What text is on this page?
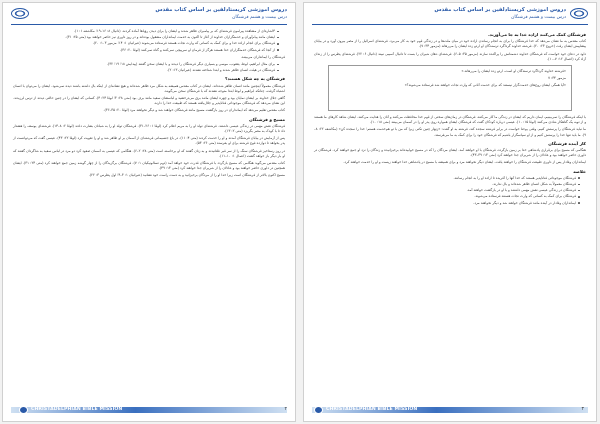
دروس آموزشی کریستادلفین بر اساس کتاب مقدس
درس بیست و هشتم فرشتگان
۴اشاره‌ای از مشاهده پیرامون فرشته‌ای که بر پیامبران ظاهر شدند و ایشان را برای دیدن رؤیاها آماده کردند. (دانیال ۸: ۱۶–۱۹؛ مکاشفه ۱: ۱).
ایشان مانند پیام‌آوران و خدمتگزاران خداوند از آغاز تا اکنون به خدمت ایمانداران مشغول بوده‌اند و در روز داوری نیز حاضر خواهند بود (متی ۲۵: ۳۱).
فرشتگان برای انجام اراده خدا و برای کمک به کسانی که وارث نجات هستند فرستاده می‌شوند (عبرانیان ۱: ۱۴؛ مزمور ۱۰۳: ۲۰).
از آنجا که فرشتگان خدمتگزاران خدا هستند هرگز از فرمان او سرپیچی نمی‌کنند و گناه نمی‌کنند (لوقا ۲۰: ۳۶).

فرشتگان را ایمانداران می‌بینند.

برای مثال ابراهیم، لوط، یعقوب، موسی و بسیاری دیگر فرشتگان را دیدند و با ایشان سخن گفتند (پیدایش ۱۸؛ ۱۹؛ ۳۲).
فرشتگان در هیئت انسان ظاهر شدند و ابتدا شناخته نشدند (عبرانیان ۱۳: ۲).
فرشتگان به چه شکل هستند؟

فرشتگان معمولاً اینچنین مانند انسان ظاهر شده‌اند. ایشان در کتاب مقدس همیشه به شکل مرد ظاهر شده‌اند و هیچ نشانه‌ای از اینکه بال داشته باشند دیده نمی‌شود. ایشان را می‌توان با انسان اشتباه گرفت، چنانکه ابراهیم و لوط ابتدا متوجه نشدند که با فرشتگان سخن می‌گویند.

گاهی جلال خداوند بر ایشان نمایان بود و چهره ایشان مانند برق می‌درخشید و لباسشان سفید مانند برف بود (متی ۲۸: ۳؛ لوقا ۲۴: ۴). کسانی که ایشان را در چنین حالتی دیدند از ترس لرزیدند. این نشان می‌دهد که فرشتگان موجوداتی فناناپذیر و جلال‌یافته هستند که طبیعت خدا را دارند.

کتاب مقدس تعلیم می‌دهد که ایمانداران در روز بازگشت مسیح مانند فرشتگان خواهند شد و دیگر نخواهند مرد (لوقا ۲۰: ۳۵–۳۶).

مسیح و فرشتگان

فرشتگان نقش مهمی در زندگی عیسی داشتند. فرشته‌ای تولد او را به مریم اعلام کرد (لوقا ۱: ۲۶–۳۱). فرشتگان تولد او را به شبانان بشارت دادند (لوقا ۲: ۸–۱۴). فرشته‌ای یوسف را هشدار داد تا با کودک به مصر بگریزد (متی ۲: ۱۳).

پس از آزمایش در بیابان فرشتگان آمدند و او را خدمت کردند (متی ۴: ۱۱). در باغ جتسیمانی فرشته‌ای از آسمان بر او ظاهر شد و او را تقویت کرد (لوقا ۲۲: ۴۳). عیسی گفت که می‌توانست از پدر بخواهد تا دوازده فوج فرشته برای او بفرستد (متی ۲۶: ۵۳).

در روز رستاخیز فرشتگان سنگ را از سر قبر غلتانیدند و به زنان گفتند که او برخاسته است (متی ۲۸: ۲–۶). هنگامی که عیسی به آسمان صعود کرد دو مرد در لباس سفید به شاگردان گفتند که او بار دیگر باز خواهد گشت (اعمال ۱: ۱۰–۱۱).

کتاب مقدس می‌گوید هنگامی که مسیح بازگردد با فرشتگان قدرت خود خواهد آمد (دوم تسالونیکیان ۱: ۷). فرشتگان برگزیدگان را از چهار گوشه زمین جمع خواهند کرد (متی ۲۴: ۳۱). ایشان همچنین در داوری حاضر خواهند بود و عادلان را از شریران جدا خواهند کرد (متی ۱۳: ۴۹).

مسیح اکنون بالاتر از فرشتگان است زیرا خدا او را از مردگان برخیزانید و به دست راست خود نشانید (عبرانیان ۱: ۳–۴؛ اول پطرس ۳: ۲۲).

CHRISTADELPHIAN BIBLE MISSION	۲
دروس آموزشی کریستادلفین بر اساس کتاب مقدس
درس بیست و هشتم فرشتگان
فرشتگان کمک می‌کنند اراده خدا به جا می‌آورند.

کتاب مقدس به ما نشان می‌دهد که خدا فرشتگان را برای به انجام رساندن اراده خود در میان ملت‌ها و در زندگی قوم خود به کار می‌برد. فرشته‌ای اسرائیل را از مصر بیرون آورد و در بیابان پیشاپیش ایشان رفت (خروج ۲۳: ۲۰). فرشته خداوند گرداگرد ترسندگان او اردو زده ایشان را می‌رهاند (مزمور ۳۴: ۷).

داود در دعای خود خواست که فرشتگان خداوند دشمنانش را پراکنده سازند (مزمور ۳۵: ۵–۶). فرشته‌ای دهان شیران را بست تا دانیال آسیبی نبیند (دانیال ۶: ۲۲). فرشته‌ای پطرس را از زندان آزاد کرد (اعمال ۱۲: ۷–۱۰).

«فرشته خداوند گرداگرد ترسندگان او است، اردو زده ایشان را می‌رهاند.»

مزمور ۳۴: ۷

«آیا همگی ایشان روح‌های خدمت‌گزار نیستند که برای خدمت آنانی که وارث نجات خواهند شد فرستاده می‌شوند؟»

با اینکه فرشتگان را نمی‌بینیم، ایمان داریم که ایشان در زندگی ما کار می‌کنند. فرشتگان در زمان‌های سختی از قوم خدا محافظت می‌کنند و آنان را هدایت می‌کنند. ایشان شاهد کارهای ما هستند و از توبه یک گناهکار شادی می‌کنند (لوقا ۱۵: ۱۰). عیسی درباره کودکان گفت که فرشتگان ایشان همواره روی پدر او را در آسمان می‌بینند (متی ۱۸: ۱۰).

ما نباید فرشتگان را پرستش کنیم. وقتی یوحنا خواست در برابر فرشته سجده کند، فرشته به او گفت: «زنهار چنین نکنی زیرا که من با تو هم‌خدمت هستم؛ خدا را سجده کن» (مکاشفه ۲۲: ۸–۹). ما باید تنها خدا را پرستش کنیم و از او سپاسگزار باشیم که فرشتگان خود را برای کمک به ما می‌فرستد.

کار آینده فرشتگان

هنگامی که مسیح برای برقراری پادشاهی خدا بر زمین بازگردد، فرشتگان با او خواهند آمد. ایشان مردگان را که در مسیح خوابیده‌اند برخیزانیده و زندگان را نزد او جمع خواهند کرد. فرشتگان در داوری حاضر خواهند بود و عادلان را از شریران جدا خواهند کرد (متی ۱۳: ۳۹–۴۳).

ایمانداران وفادار پس از داوری طبیعت فرشتگان را خواهند یافت. ایشان دیگر نخواهند مرد و برای همیشه با مسیح در پادشاهی خدا خواهند زیست و او را خدمت خواهند کرد.

خلاصه
فرشتگان موجوداتی فناناپذیر هستند که خدا آنها را آفریده تا اراده او را به انجام رسانند.
فرشتگان معمولاً به شکل انسان ظاهر شده‌اند و بال ندارند.
فرشتگان در زندگی عیسی نقش مهمی داشتند و با او در بازگشت خواهند آمد.
فرشتگان برای کمک به کسانی که وارث نجات هستند فرستاده می‌شوند.
ایمانداران وفادار در آینده مانند فرشتگان خواهند شد و دیگر نخواهند مرد.
CHRISTADELPHIAN BIBLE MISSION	۳
